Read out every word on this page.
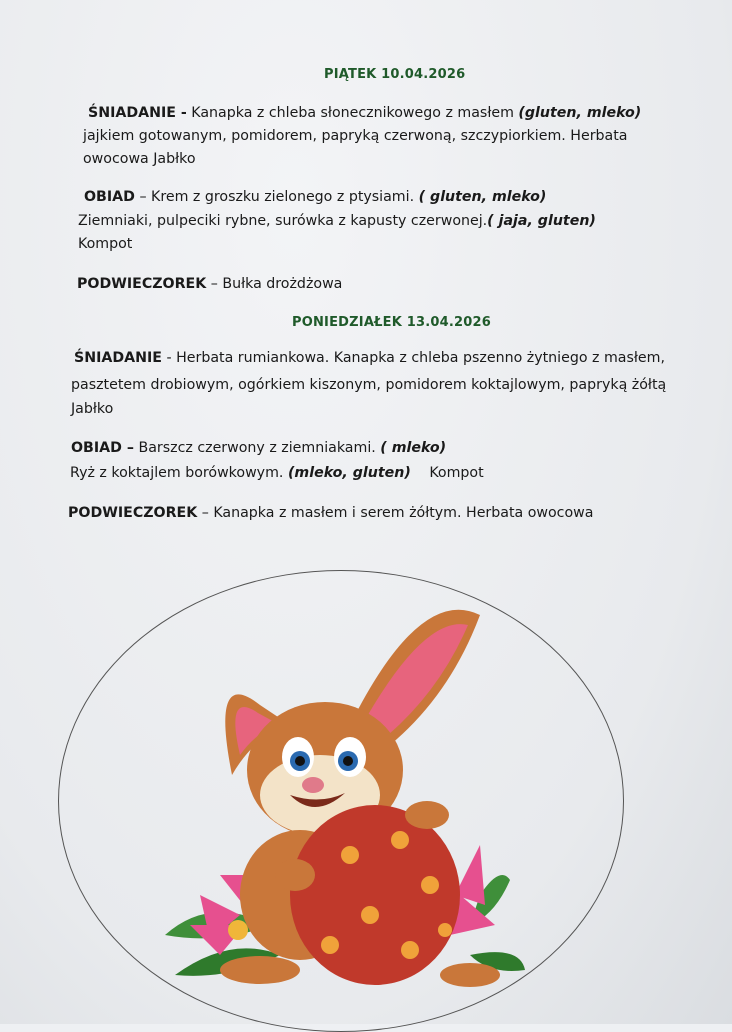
PIĄTEK 10.04.2026
ŚNIADANIE - Kanapka z chleba słonecznikowego z masłem (gluten, mleko)
jajkiem gotowanym, pomidorem, papryką czerwoną, szczypiorkiem. Herbata
owocowa Jabłko
OBIAD – Krem z groszku zielonego z ptysiami. ( gluten, mleko)
Ziemniaki, pulpeciki rybne, surówka z kapusty czerwonej.( jaja, gluten)
Kompot
PODWIECZOREK – Bułka drożdżowa
PONIEDZIAŁEK 13.04.2026
ŚNIADANIE - Herbata rumiankowa. Kanapka z chleba pszenno żytniego z masłem,
pasztetem drobiowym, ogórkiem kiszonym, pomidorem koktajlowym, papryką żółtą
Jabłko
OBIAD – Barszcz czerwony z ziemniakami. ( mleko)
Ryż z koktajlem borówkowym. (mleko, gluten) Kompot
PODWIECZOREK – Kanapka z masłem i serem żółtym. Herbata owocowa
